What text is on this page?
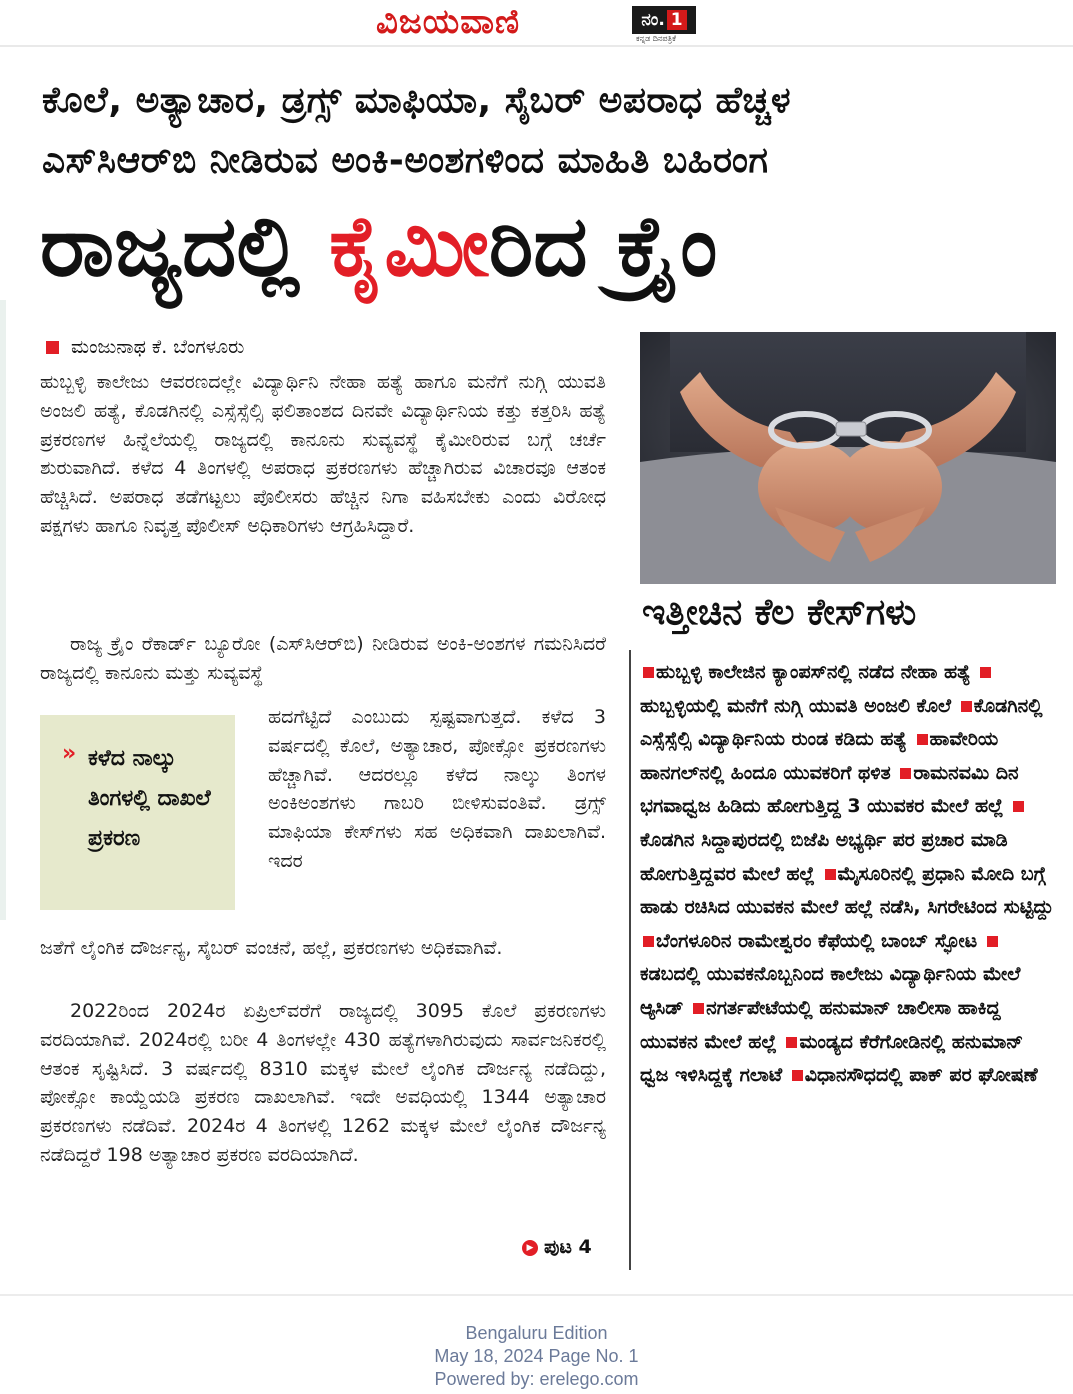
ವಿಜಯವಾಣಿ	ನಂ. 1
ಕನ್ನಡ ದಿನಪತ್ರಿಕೆ
ಕೊಲೆ, ಅತ್ಯಾಚಾರ, ಡ್ರಗ್ಸ್ ಮಾಫಿಯಾ, ಸೈಬರ್ ಅಪರಾಧ ಹೆಚ್ಚಳ
ಎಸ್‌ಸಿಆರ್‌ಬಿ ನೀಡಿರುವ ಅಂಕಿ-ಅಂಶಗಳಿಂದ ಮಾಹಿತಿ ಬಹಿರಂಗ
ರಾಜ್ಯದಲ್ಲಿ ಕೈಮೀರಿದ ಕ್ರೈಂ
ಮಂಜುನಾಥ ಕೆ. ಬೆಂಗಳೂರು

ಹುಬ್ಬಳ್ಳಿ ಕಾಲೇಜು ಆವರಣದಲ್ಲೇ ವಿದ್ಯಾರ್ಥಿನಿ ನೇಹಾ ಹತ್ಯೆ ಹಾಗೂ ಮನೆಗೆ ನುಗ್ಗಿ ಯುವತಿ ಅಂಜಲಿ ಹತ್ಯೆ, ಕೊಡಗಿನಲ್ಲಿ ಎಸ್ಸೆಸ್ಸೆಲ್ಸಿ ಫಲಿತಾಂಶದ ದಿನವೇ ವಿದ್ಯಾರ್ಥಿನಿಯ ಕತ್ತು ಕತ್ತರಿಸಿ ಹತ್ಯೆ ಪ್ರಕರಣಗಳ ಹಿನ್ನೆಲೆಯಲ್ಲಿ ರಾಜ್ಯದಲ್ಲಿ ಕಾನೂನು ಸುವ್ಯವಸ್ಥೆ ಕೈಮೀರಿರುವ ಬಗ್ಗೆ ಚರ್ಚೆ ಶುರುವಾಗಿದೆ. ಕಳೆದ 4 ತಿಂಗಳಲ್ಲಿ ಅಪರಾಧ ಪ್ರಕರಣಗಳು ಹೆಚ್ಚಾಗಿರುವ ವಿಚಾರವೂ ಆತಂಕ ಹೆಚ್ಚಿಸಿದೆ. ಅಪರಾಧ ತಡೆಗಟ್ಟಲು ಪೊಲೀಸರು ಹೆಚ್ಚಿನ ನಿಗಾ ವಹಿಸಬೇಕು ಎಂದು ವಿರೋಧ ಪಕ್ಷಗಳು ಹಾಗೂ ನಿವೃತ್ತ ಪೊಲೀಸ್ ಅಧಿಕಾರಿಗಳು ಆಗ್ರಹಿಸಿದ್ದಾರೆ.

ರಾಜ್ಯ ಕ್ರೈಂ ರೆಕಾರ್ಡ್ ಬ್ಯೂರೋ (ಎಸ್‌ಸಿಆರ್‌ಬಿ) ನೀಡಿರುವ ಅಂಕಿ-ಅಂಶಗಳ ಗಮನಿಸಿದರೆ ರಾಜ್ಯದಲ್ಲಿ ಕಾನೂನು ಮತ್ತು ಸುವ್ಯವಸ್ಥೆ

ಹದಗೆಟ್ಟಿದೆ ಎಂಬುದು ಸ್ಪಷ್ಟವಾಗುತ್ತದೆ. ಕಳೆದ 3 ವರ್ಷದಲ್ಲಿ ಕೊಲೆ, ಅತ್ಯಾಚಾರ, ಪೋಕ್ಸೋ ಪ್ರಕರಣಗಳು ಹೆಚ್ಚಾಗಿವೆ. ಆದರಲ್ಲೂ ಕಳೆದ ನಾಲ್ಕು ತಿಂಗಳ ಅಂಕಿಅಂಶಗಳು ಗಾಬರಿ ಬೀಳಿಸುವಂತಿವೆ. ಡ್ರಗ್ಸ್ ಮಾಫಿಯಾ ಕೇಸ್‌ಗಳು ಸಹ ಅಧಿಕವಾಗಿ ದಾಖಲಾಗಿವೆ. ಇದರ

ಜತೆಗೆ ಲೈಂಗಿಕ ದೌರ್ಜನ್ಯ, ಸೈಬರ್ ವಂಚನೆ, ಹಲ್ಲೆ, ಪ್ರಕರಣಗಳು ಅಧಿಕವಾಗಿವೆ.

2022ರಿಂದ 2024ರ ಏಪ್ರಿಲ್‌ವರೆಗೆ ರಾಜ್ಯದಲ್ಲಿ 3095 ಕೊಲೆ ಪ್ರಕರಣಗಳು ವರದಿಯಾಗಿವೆ. 2024ರಲ್ಲಿ ಬರೀ 4 ತಿಂಗಳಲ್ಲೇ 430 ಹತ್ಯೆಗಳಾಗಿರುವುದು ಸಾರ್ವಜನಿಕರಲ್ಲಿ ಆತಂಕ ಸೃಷ್ಟಿಸಿದೆ. 3 ವರ್ಷದಲ್ಲಿ 8310 ಮಕ್ಕಳ ಮೇಲೆ ಲೈಂಗಿಕ ದೌರ್ಜನ್ಯ ನಡೆದಿದ್ದು, ಪೋಕ್ಸೋ ಕಾಯ್ದೆಯಡಿ ಪ್ರಕರಣ ದಾಖಲಾಗಿವೆ. ಇದೇ ಅವಧಿಯಲ್ಲಿ 1344 ಅತ್ಯಾಚಾರ ಪ್ರಕರಣಗಳು ನಡೆದಿವೆ. 2024ರ 4 ತಿಂಗಳಲ್ಲಿ 1262 ಮಕ್ಕಳ ಮೇಲೆ ಲೈಂಗಿಕ ದೌರ್ಜನ್ಯ ನಡೆದಿದ್ದರೆ 198 ಅತ್ಯಾಚಾರ ಪ್ರಕರಣ ವರದಿಯಾಗಿದೆ.

» ಕಳೆದ ನಾಲ್ಕು ತಿಂಗಳಲ್ಲಿ ದಾಖಲೆ ಪ್ರಕರಣ
▶ ಪುಟ 4
ಇತ್ತೀಚಿನ ಕೆಲ ಕೇಸ್‌ಗಳು
ಹುಬ್ಬಳ್ಳಿ ಕಾಲೇಜಿನ ಕ್ಯಾಂಪಸ್‌ನಲ್ಲಿ ನಡೆದ ನೇಹಾ ಹತ್ಯೆ ಹುಬ್ಬಳ್ಳಿಯಲ್ಲಿ ಮನೆಗೆ ನುಗ್ಗಿ ಯುವತಿ ಅಂಜಲಿ ಕೊಲೆ ಕೊಡಗಿನಲ್ಲಿ ಎಸ್ಸೆಸ್ಸೆಲ್ಸಿ ವಿದ್ಯಾರ್ಥಿನಿಯ ರುಂಡ ಕಡಿದು ಹತ್ಯೆ ಹಾವೇರಿಯ ಹಾನಗಲ್‌ನಲ್ಲಿ ಹಿಂದೂ ಯುವಕರಿಗೆ ಥಳಿತ ರಾಮನವಮಿ ದಿನ ಭಗವಾಧ್ವಜ ಹಿಡಿದು ಹೋಗುತ್ತಿದ್ದ 3 ಯುವಕರ ಮೇಲೆ ಹಲ್ಲೆ ಕೊಡಗಿನ ಸಿದ್ದಾಪುರದಲ್ಲಿ ಬಿಜೆಪಿ ಅಭ್ಯರ್ಥಿ ಪರ ಪ್ರಚಾರ ಮಾಡಿ ಹೋಗುತ್ತಿದ್ದವರ ಮೇಲೆ ಹಲ್ಲೆ ಮೈಸೂರಿನಲ್ಲಿ ಪ್ರಧಾನಿ ಮೋದಿ ಬಗ್ಗೆ ಹಾಡು ರಚಿಸಿದ ಯುವಕನ ಮೇಲೆ ಹಲ್ಲೆ ನಡೆಸಿ, ಸಿಗರೇಟಿಂದ ಸುಟ್ಟಿದ್ದು ಬೆಂಗಳೂರಿನ ರಾಮೇಶ್ವರಂ ಕೆಫೆಯಲ್ಲಿ ಬಾಂಬ್ ಸ್ಫೋಟ ಕಡಬದಲ್ಲಿ ಯುವಕನೊಬ್ಬನಿಂದ ಕಾಲೇಜು ವಿದ್ಯಾರ್ಥಿನಿಯ ಮೇಲೆ ಆ್ಯಸಿಡ್ ನಗರ್ತಪೇಟೆಯಲ್ಲಿ ಹನುಮಾನ್ ಚಾಲೀಸಾ ಹಾಕಿದ್ದ ಯುವಕನ ಮೇಲೆ ಹಲ್ಲೆ ಮಂಡ್ಯದ ಕೆರೆಗೋಡಿನಲ್ಲಿ ಹನುಮಾನ್ ಧ್ವಜ ಇಳಿಸಿದ್ದಕ್ಕೆ ಗಲಾಟೆ ವಿಧಾನಸೌಧದಲ್ಲಿ ಪಾಕ್ ಪರ ಘೋಷಣೆ
Bengaluru Edition
May 18, 2024 Page No. 1
Powered by: erelego.com
